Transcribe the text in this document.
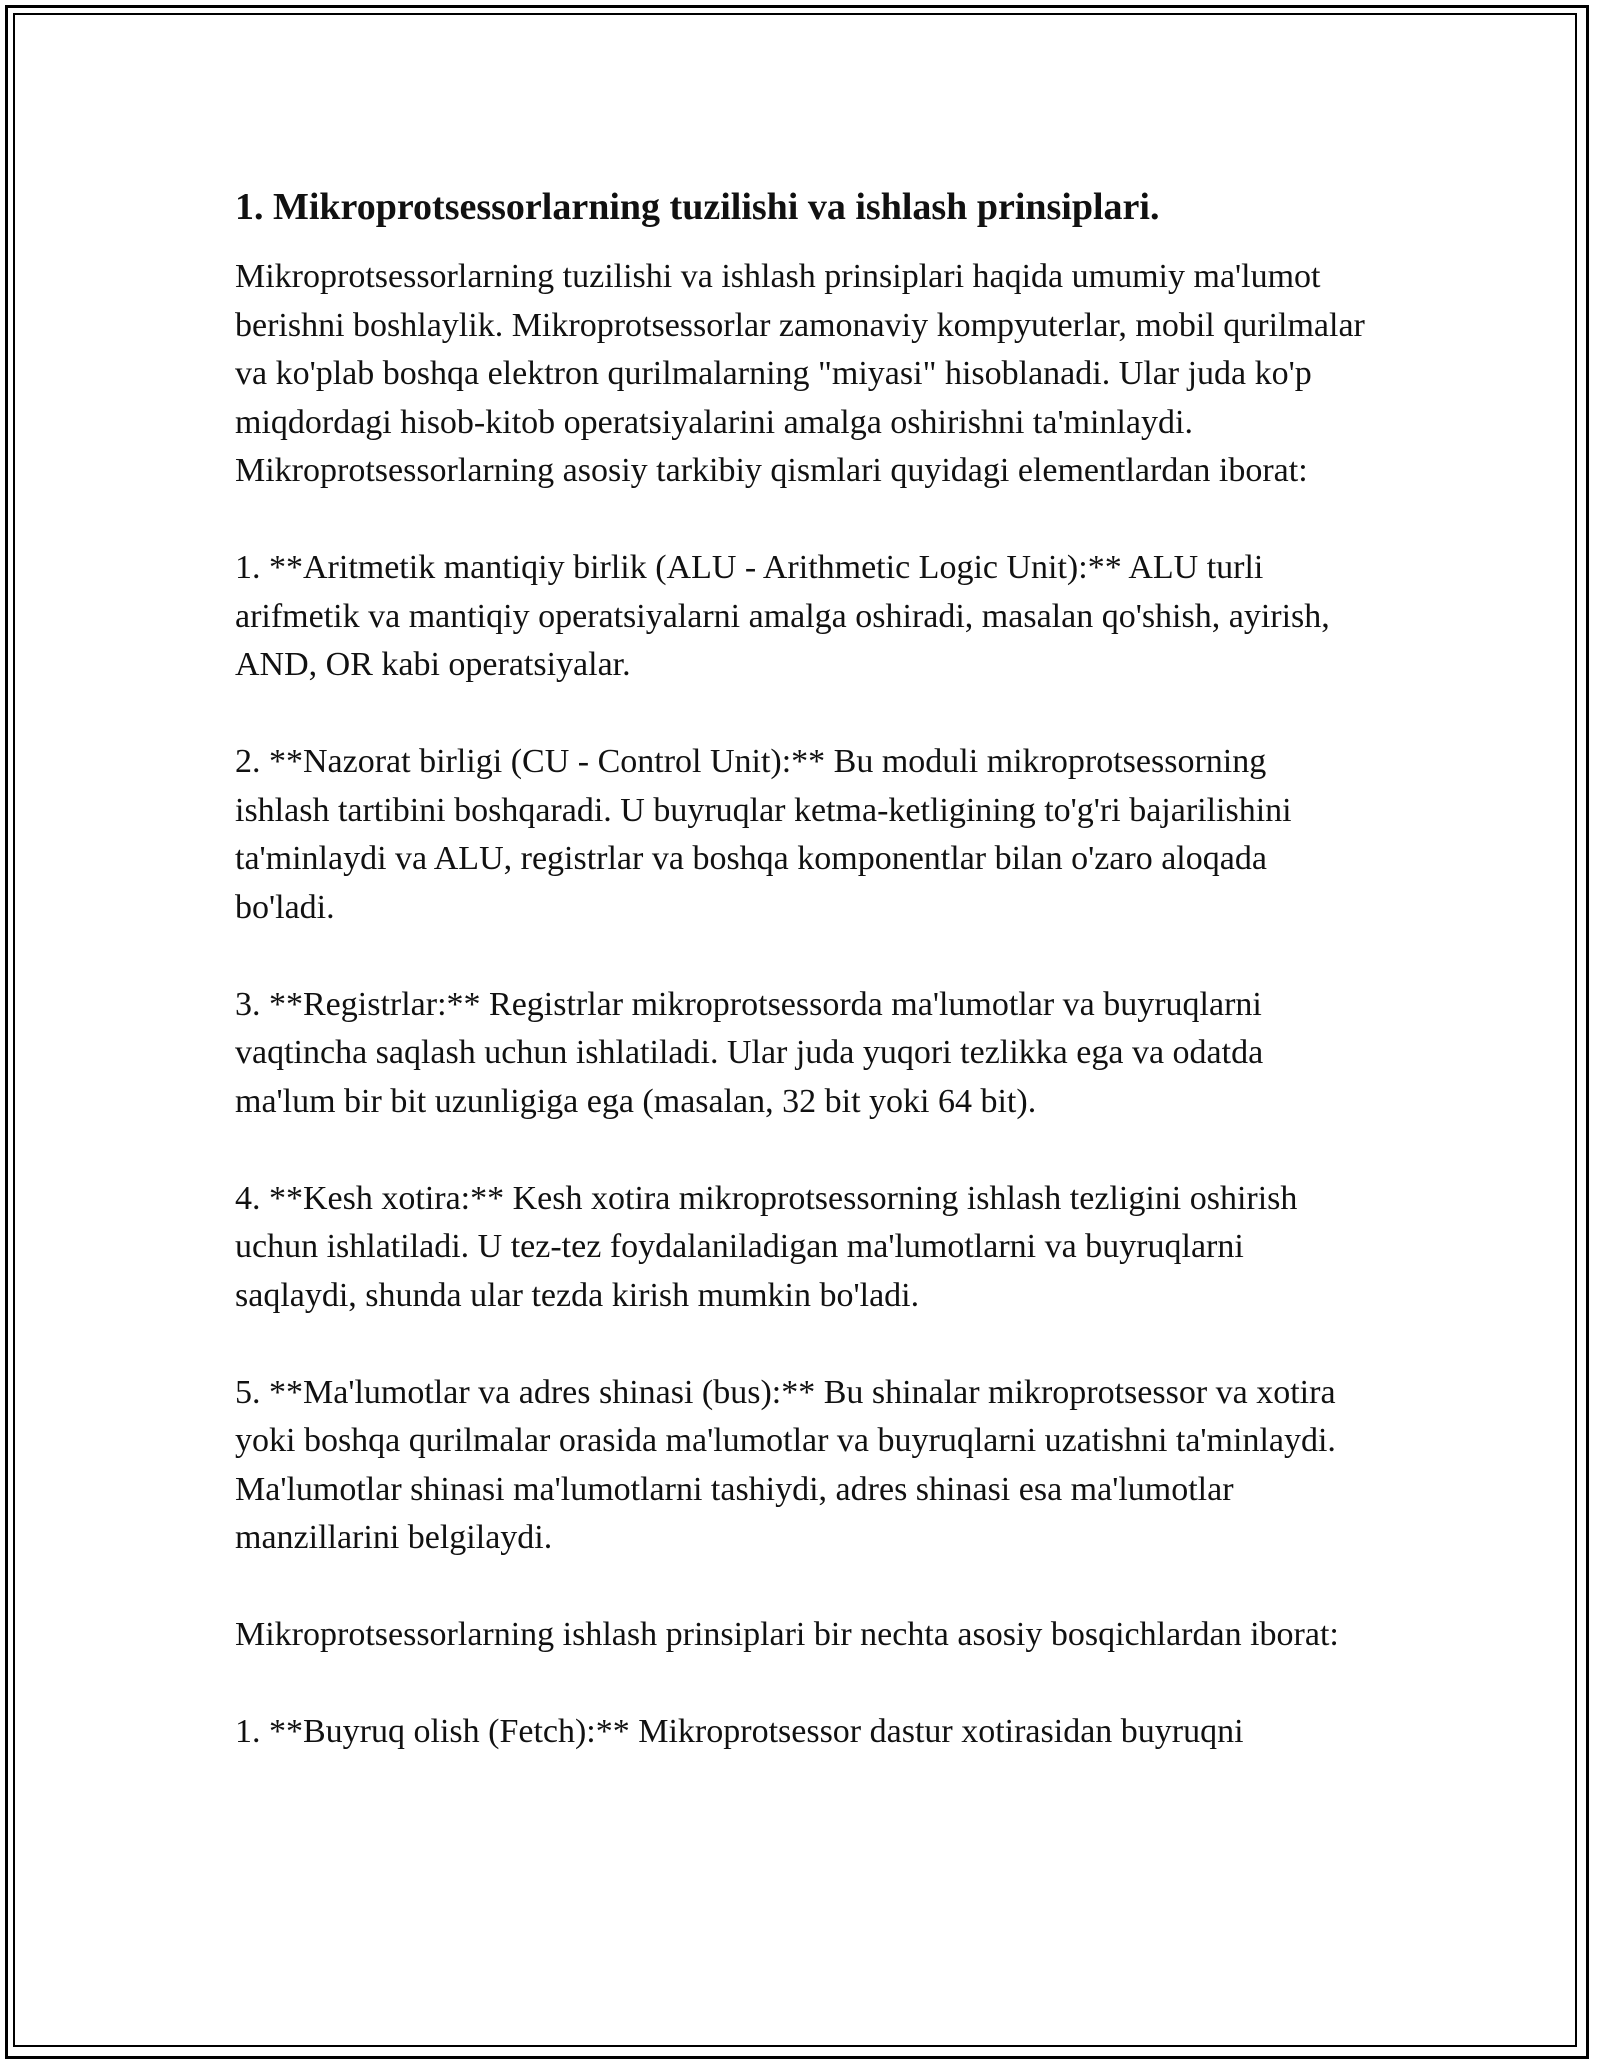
1. Mikroprotsessorlarning tuzilishi va ishlash prinsiplari.

Mikroprotsessorlarning tuzilishi va ishlash prinsiplari haqida umumiy ma'lumot berishni boshlaylik. Mikroprotsessorlar zamonaviy kompyuterlar, mobil qurilmalar va ko'plab boshqa elektron qurilmalarning "miyasi" hisoblanadi. Ular juda ko'p miqdordagi hisob-kitob operatsiyalarini amalga oshirishni ta'minlaydi. Mikroprotsessorlarning asosiy tarkibiy qismlari quyidagi elementlardan iborat:

1. **Aritmetik mantiqiy birlik (ALU - Arithmetic Logic Unit):** ALU turli arifmetik va mantiqiy operatsiyalarni amalga oshiradi, masalan qo'shish, ayirish, AND, OR kabi operatsiyalar.

2. **Nazorat birligi (CU - Control Unit):** Bu moduli mikroprotsessorning ishlash tartibini boshqaradi. U buyruqlar ketma-ketligining to'g'ri bajarilishini ta'minlaydi va ALU, registrlar va boshqa komponentlar bilan o'zaro aloqada bo'ladi.

3. **Registrlar:** Registrlar mikroprotsessorda ma'lumotlar va buyruqlarni vaqtincha saqlash uchun ishlatiladi. Ular juda yuqori tezlikka ega va odatda ma'lum bir bit uzunligiga ega (masalan, 32 bit yoki 64 bit).

4. **Kesh xotira:** Kesh xotira mikroprotsessorning ishlash tezligini oshirish uchun ishlatiladi. U tez-tez foydalaniladigan ma'lumotlarni va buyruqlarni saqlaydi, shunda ular tezda kirish mumkin bo'ladi.

5. **Ma'lumotlar va adres shinasi (bus):** Bu shinalar mikroprotsessor va xotira yoki boshqa qurilmalar orasida ma'lumotlar va buyruqlarni uzatishni ta'minlaydi. Ma'lumotlar shinasi ma'lumotlarni tashiydi, adres shinasi esa ma'lumotlar manzillarini belgilaydi.

Mikroprotsessorlarning ishlash prinsiplari bir nechta asosiy bosqichlardan iborat:

1. **Buyruq olish (Fetch):** Mikroprotsessor dastur xotirasidan buyruqni
